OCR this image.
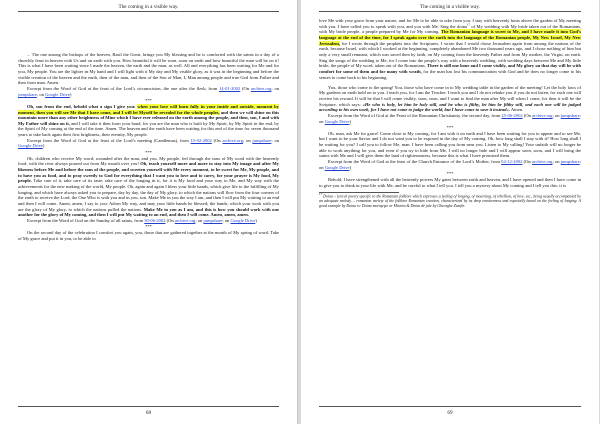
The coming in a visible way.

... The one among the bishops of the heaven, Basil the Great, brings you My blessing and he is comforted with the saints in a day of a churchly feast in heaven with Us and on earth with you. How beautiful it will be soon, soon on earth and how beautiful the man will be on it! This is what I have been waiting since I made the heaven, the earth and the man, as well. All and everything has been waiting for Me and for you, My people. You are the lighter in My hand and I will light with it My day and My visible glory, as it was in the beginning and before the visible creation of the heaven and the earth, then of the man, and then of the Son of Man, I, Man among people and true God from Father and then from man. Amen.

Excerpt from the Word of God at the feast of the Lord’s circumcision, the one after the flesh, from 14-01-2002 (On archive.org; on jumpshare; on Google Drive)

***

Oh, son from the end, behold what a sign I give you: when your love will burn fully in your inside and outside, moment by moment, then you will see Me that I have come, and I will let Myself be revealed for the whole peoples, and then we will shine on this mountain more than any other brightness of Mine which I have ever released on the earth among the people, and then, son, I and with My Father will shine on it, and I will take it then from your hand, for you are the man who is built by My Spirit, by My Spirit in the end, by the Spirit of My coming at the end of the time. Amen. The heaven and the earth have been waiting for this end of the time for seven thousand years to take back again their first brightness, their eternity, My people.

Excerpt from the Word of God at the feast of the Lord’s meeting (Candlemas), from 15-02-2002 (On archive.org; on jumpshare; on Google Drive)

***

Oh, children who receive My word; wounded after the man, and you, My people, fed through the sons of My word with the heavenly food, with the river always poured out from My mouth over you! Oh, teach yourself more and more to stay into My image and after My likeness before Me and before the sons of the people, and sweeten yourself with Me every moment, to be sweet for Me, My people, and to have you as food, and to pray sweetly to God for everything that I want you to love and to carry, for your prayer is My food, My people. Take care of it, take care of its taste, take care of the longing in it, for it is My food and your way to Me, and My way with the achievements for the new making of the world, My people. Oh, again and again I bless your little hands, which give life to the fulfilling of My longing, and which have always asked you to prepare, day by day, the day of My glory, to which the nations will flow from the four corners of the earth to receive the Lord, the One Who is with you and in you, son. Make Me in you the way I am, and then I will put My waiting to an end and then I will come. Amen, amen, I say to you: Adorn My way, and may your little hands be blessed; the hands, which your work with you are the glory of My glory, to which the nations pulled the nations. Make Me in you as I am, and this is how you should work with one another for the glory of My coming, and then I will put My waiting to an end, and then I will come. Amen, amen, amen.

Excerpt from the Word of God on the Sunday of all saints, from 30-06-2002 (On archive.org; on jumpshare; on Google Drive)

***

On the second day of the celebration I comfort you again, you, those that are gathered together at the mouth of My spring of word. Take of My grace and put it in you, to be able to

68
The coming in a visible way.

love Me with your grace from your nature, and for Me to be able to take from you. I stay with heavenly hosts above the garden of My meeting with you. I have called you to speak with you, and you with Me. Sing the doina$^{17}$ of My wedding with My bride taken out of the Romanians, with My bride people, a people prepared by Me for My coming. The Romanian language is sweet to Me, and I have made it into God’s language at the end of the time, for I speak again over the earth into the language of the Romanian people, My New Israel, My New Jerusalem, for I wrote through the prophets into the Scriptures. I wrote that I would chose Jerusalem again from among the nations of the earth, because Israel, with which I worked at the beginning, completely abandoned Me two thousand years ago, and I chose nothing of him but only a very small remnant, which was saved then by faith, on My coming from the heavenly Father and from My mother, the Virgin, on earth. Sing the songs of the wedding to Me, for I come into the people’s way with a heavenly wedding, with wedding days between Me and My little bride, the people of My word, taken out of the Romanians. There is still one hour and I come visibly, and My glory on that day will be with comfort for some of them and for many with wrath, for the man has lost his communication with God and he does no longer come to his senses to come back to his beginning.

You, those who come to the spring! You, those who have come in to My wedding table in the garden of the meeting! Let the holy laws of My gardens on earth hold on to you. I teach you, for I am the Teacher. I teach you and I do not rebuke you if you do not listen, for each one will receive his reward. It will be that I will come visibly, soon, soon, and I want to find the man after My will when I come, for then it will be the Scripture, which says: «He who is holy, let him be holy still, and he who is filthy, let him be filthy still, and each one will be judged according to his own work, for I have not come to judge the world, but I have come to save it instead». Amen.

Excerpt from the Word of God at the Feast of the Romanian Christianity, the second day, from 25-06-2002 (On archive.org; on jumpshare; on Google Drive)

***

Oh, man, ask Me for grace! Come close to My coming, for I am with it on earth and I have been waiting for you to appear and to see Me, but I want to be your Savior and I do not want you to be exposed in the day of My coming. Oh, how long shall I stay with it? How long shall I be waiting for you? I call you to follow Me, man. I have been calling you from near you. Listen to My calling! Your unfaith will no longer be able to work anything for you, and even if you try to hide from Me, I will no longer hide and I will appear soon, soon, and I will bring the saints with Me and I will give them the land of righteousness, because this is what I have promised them.

Excerpt from the Word of God at the feast of the Church Entrance of the Lord’s Mother, from 04-12-2002 (On archive.org; on jumpshare; on Google Drive)

***

Behold, I have strengthened with all the heavenly powers My gates between earth and heaven, and I have opened and then I have come in to give you to drink in your life with Me, and be careful to what I tell you. I tell you a mystery about My coming and I tell you this: it is

$^{17}$ Doina – lyrical poetry specific to the Romanian folklore which expresses a feeling of longing, of mourning, of rebellion, of love, etc., being usually accompanied by an adequate melody. – romanian variety of the folklore Romanian creation, characterized by its deep emotiveness and especially based on the feeling of longing. A good example by Doina is: Doina moroşeşte or Miorita & Doina de jale by Gheorghe Zamfir.

69
